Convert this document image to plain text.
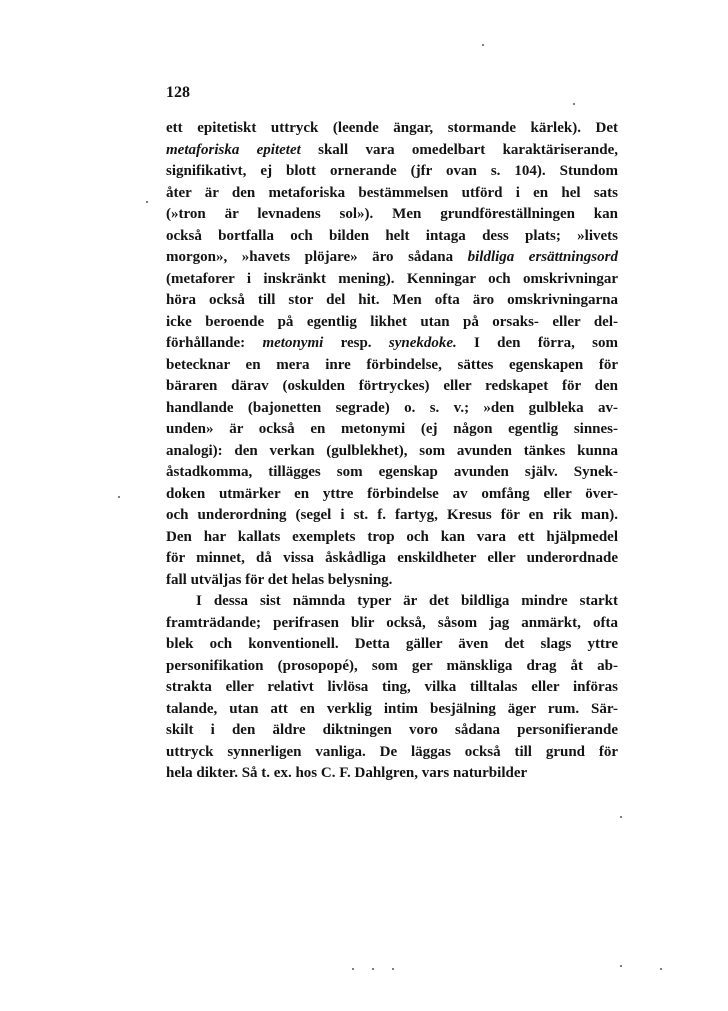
128
ett epitetiskt uttryck (leende ängar, stormande kärlek). Det
metaforiska epitetet skall vara omedelbart karaktäriserande,
signifikativt, ej blott ornerande (jfr ovan s. 104). Stundom
åter är den metaforiska bestämmelsen utförd i en hel sats
(»tron är levnadens sol»). Men grundföreställningen kan
också bortfalla och bilden helt intaga dess plats; »livets
morgon», »havets plöjare» äro sådana bildliga ersättningsord
(metaforer i inskränkt mening). Kenningar och omskrivningar
höra också till stor del hit. Men ofta äro omskrivningarna
icke beroende på egentlig likhet utan på orsaks- eller del-
förhållande: metonymi resp. synekdoke. I den förra, som
betecknar en mera inre förbindelse, sättes egenskapen för
bäraren därav (oskulden förtryckes) eller redskapet för den
handlande (bajonetten segrade) o. s. v.; »den gulbleka av-
unden» är också en metonymi (ej någon egentlig sinnes-
analogi): den verkan (gulblekhet), som avunden tänkes kunna
åstadkomma, tillägges som egenskap avunden själv. Synek-
doken utmärker en yttre förbindelse av omfång eller över-
och underordning (segel i st. f. fartyg, Kresus för en rik man).
Den har kallats exemplets trop och kan vara ett hjälpmedel
för minnet, då vissa åskådliga enskildheter eller underordnade
fall utväljas för det helas belysning.
I dessa sist nämnda typer är det bildliga mindre starkt
framträdande; perifrasen blir också, såsom jag anmärkt, ofta
blek och konventionell. Detta gäller även det slags yttre
personifikation (prosopopé), som ger mänskliga drag åt ab-
strakta eller relativt livlösa ting, vilka tilltalas eller införas
talande, utan att en verklig intim besjälning äger rum. Sär-
skilt i den äldre diktningen voro sådana personifierande
uttryck synnerligen vanliga. De läggas också till grund för
hela dikter. Så t. ex. hos C. F. Dahlgren, vars naturbilder
